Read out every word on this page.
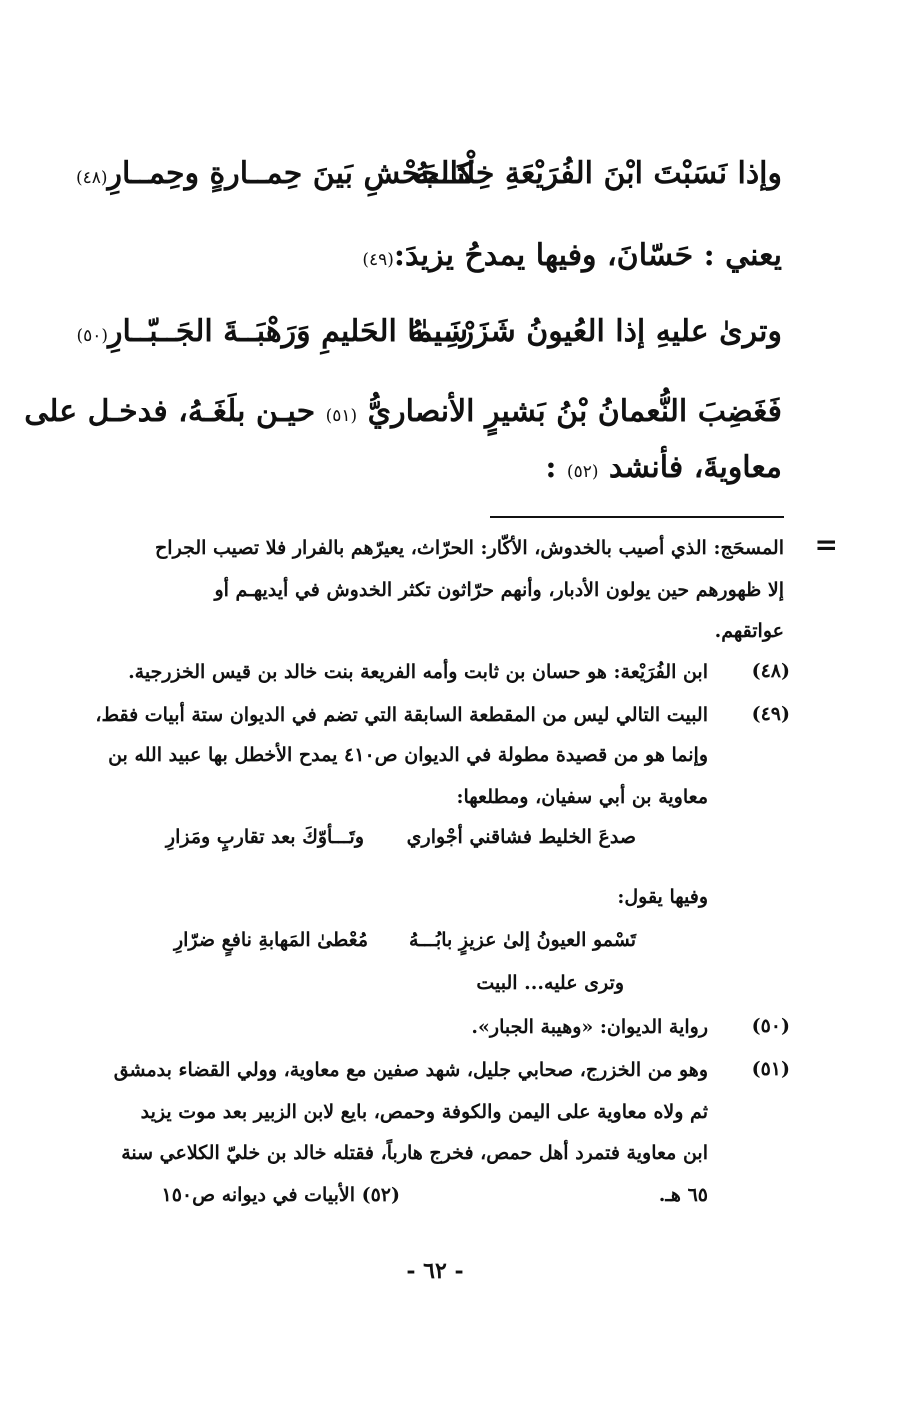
وإذا نَسَبْتَ ابْنَ الفُرَيْعَةِ خِلْتَـــهُ
كالجَحْشِ بَينَ حِمــارةٍ وحِمــارِ(٤٨)
يعني : حَسّانَ، وفيها يمدحُ يزيدَ:(٤٩)
وترىٰ عليهِ إذا العُيونُ شَزَرْنَـــهُ
سِيمٰا الحَليمِ وَرَهْبَــةَ الجَــبّــارِ(٥٠)
فَغَضِبَ النُّعمانُ بْنُ بَشيرٍ الأنصاريُّ (٥١) حيـن بلَغَـهُ، فدخـل على
معاويةَ، فأنشد (٥٢) :
=
المسحَج: الذي أصيب بالخدوش، الأكّار: الحرّاث، يعيرّهم بالفرار فلا تصيب الجراح
إلا ظهورهم حين يولون الأدبار، وأنهم حرّاثون تكثر الخدوش في أيديهـم أو
عواتقهم.
(٤٨)
ابن الفُرَيْعة: هو حسان بن ثابت وأمه الفريعة بنت خالد بن قيس الخزرجية.
(٤٩)
البيت التالي ليس من المقطعة السابقة التي تضم في الديوان ستة أبيات فقط،
وإنما هو من قصيدة مطولة في الديوان ص٤١٠ يمدح الأخطل بها عبيد الله بن
معاوية بن أبي سفيان، ومطلعها:
صدعَ الخليط فشاقني أجْواري
وتَـــأوّكَ بعد تقاربٍ ومَزارِ
وفيها يقول:
تَسْمو العيونُ إلىٰ عزيزٍ بابُـــهُ
مُعْطىٰ المَهابةِ نافعٍ ضرّارِ
وترى عليه... البيت
(٥٠)
رواية الديوان: «وهيبة الجبار».
(٥١)
وهو من الخزرج، صحابي جليل، شهد صفين مع معاوية، وولي القضاء بدمشق
ثم ولاه معاوية على اليمن والكوفة وحمص، بايع لابن الزبير بعد موت يزيد
ابن معاوية فتمرد أهل حمص، فخرج هارباً، فقتله خالد بن خليّ الكلاعي سنة
٦٥ هـ.
(٥٢) الأبيات في ديوانه ص١٥٠
- ٦٢ -
